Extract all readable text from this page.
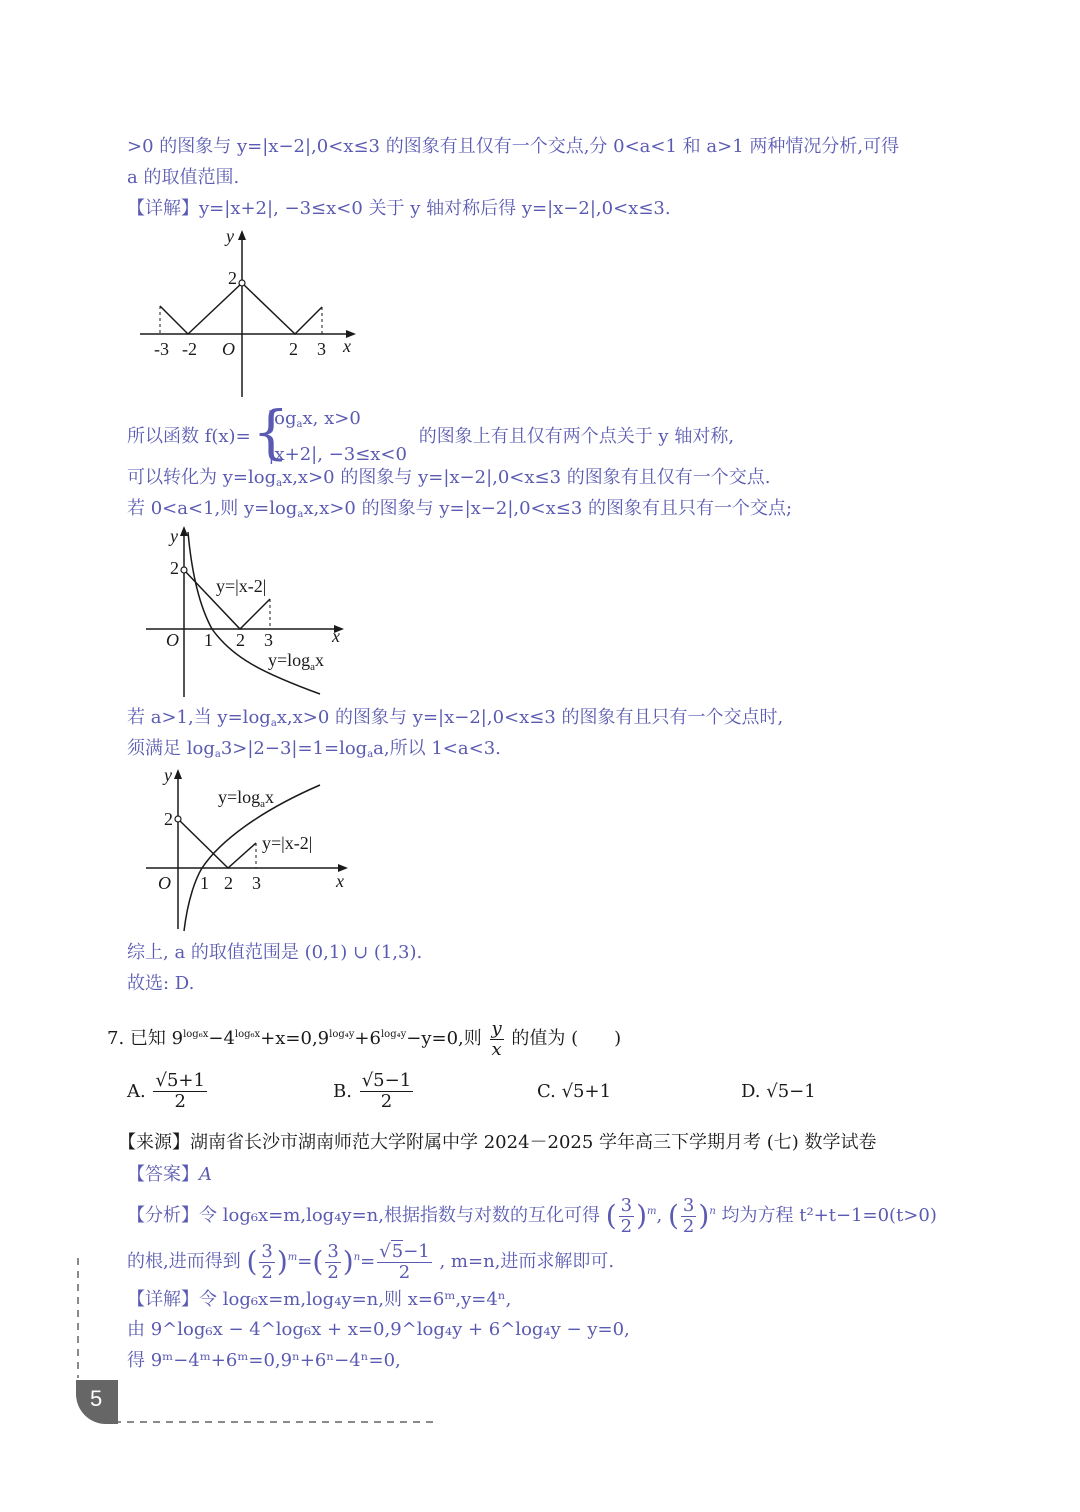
>0 的图象与 y=|x−2|,0<x≤3 的图象有且仅有一个交点,分 0<a<1 和 a>1 两种情况分析,可得
a 的取值范围.
【详解】y=|x+2|, −3≤x<0 关于 y 轴对称后得 y=|x−2|,0<x≤3.
y
x
2
-3 -2 O	2 3
所以函数 f(x)=
{ $\log_ax$, x>0
|x+2|, −3≤x<0
的图象上有且仅有两个点关于 y 轴对称,
可以转化为 $y=\log_ax,x>0$ 的图象与 y=|x−2|,0<x≤3 的图象有且仅有一个交点.
若 0<a<1,则 $y=\log_ax,x>0$ 的图象与 y=|x−2|,0<x≤3 的图象有且只有一个交点;
y
x
2
O 1 2 3
y=|x-2|
$y=\log_ax$
若 a>1,当 $y=\log_ax,x>0$ 的图象与 y=|x−2|,0<x≤3 的图象有且只有一个交点时,
须满足 $\log_a3>|2-3|=1=\log_aa$,所以 1<a<3.
y
x
2
O 1 2 3
$y=\log_ax$
y=|x-2|
综上, a 的取值范围是 (0,1) ∪ (1,3).
故选: D.
7. 已知 $9^{log_6x}-4^{log_6x}+x=0,9^{log_4y}+6^{log_4y}-y=0$,则 $\frac{y}{x}$ 的值为 (　　)
A. $\frac{√5+1}{2}$	B. $\frac{√5-1}{2}$	C. √5+1	D. √5−1
【来源】湖南省长沙市湖南师范大学附属中学 2024－2025 学年高三下学期月考 (七) 数学试卷
【答案】A
【分析】令 log₆x=m,log₄y=n,根据指数与对数的互化可得 ( $\frac{3}{2} )^m$, ( $\frac{3}{2} )^n$ 均为方程 t²+t−1=0(t>0)
的根,进而得到 ( $\frac{3}{2} )^m=( \frac{3}{2} )^n= \frac{√5-1}{2}$ , m=n,进而求解即可.
【详解】令 log₆x=m,log₄y=n,则 x=6ᵐ,y=4ⁿ,
由 9^log₆x − 4^log₆x + x=0,9^log₄y + 6^log₄y − y=0,
得 9ᵐ−4ᵐ+6ᵐ=0,9ⁿ+6ⁿ−4ⁿ=0,
5
